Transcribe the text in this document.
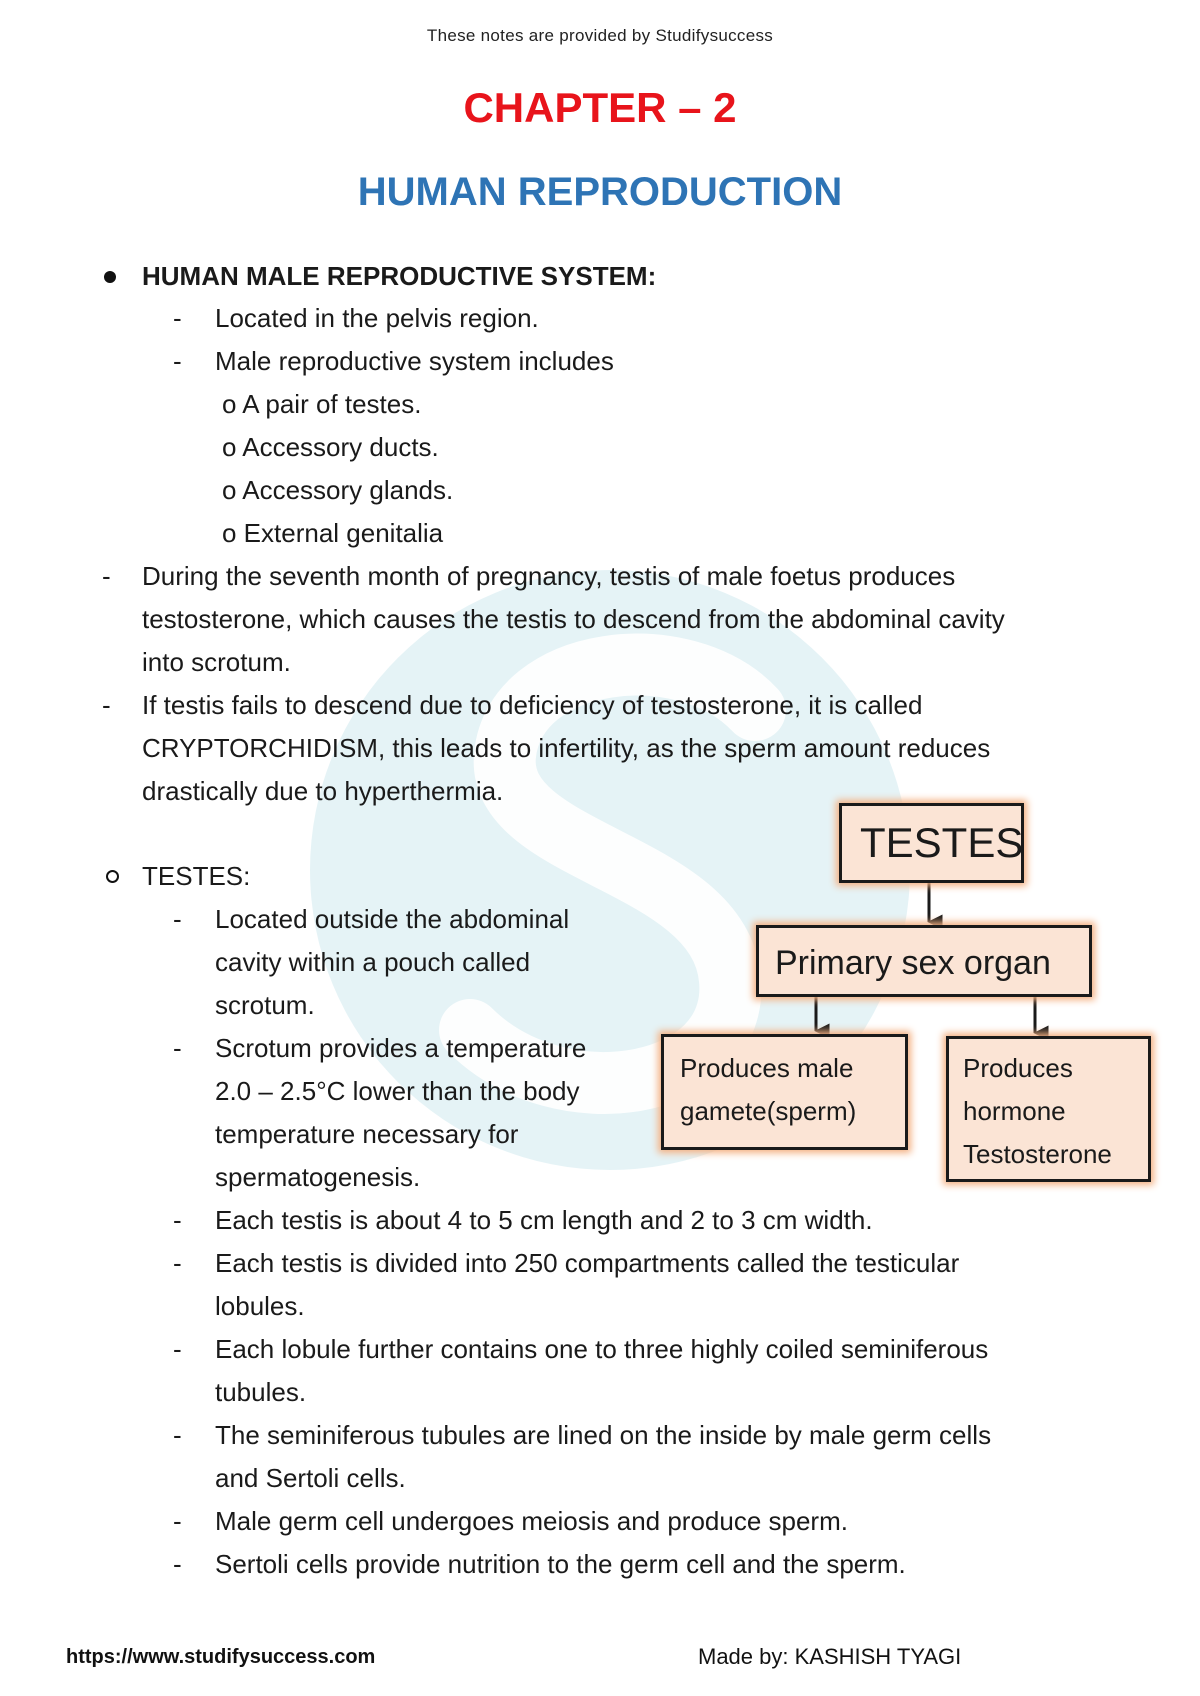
These notes are provided by Studifysuccess
CHAPTER – 2
HUMAN REPRODUCTION
HUMAN MALE REPRODUCTIVE SYSTEM:
- Located in the pelvis region.
- Male reproductive system includes
o A pair of testes.
o Accessory ducts.
o Accessory glands.
o External genitalia
- During the seventh month of pregnancy, testis of male foetus produces
testosterone, which causes the testis to descend from the abdominal cavity
into scrotum.
- If testis fails to descend due to deficiency of testosterone, it is called
CRYPTORCHIDISM, this leads to infertility, as the sperm amount reduces
drastically due to hyperthermia.
TESTES:
- Located outside the abdominal
cavity within a pouch called
scrotum.
- Scrotum provides a temperature
2.0 – 2.5°C lower than the body
temperature necessary for
spermatogenesis.
- Each testis is about 4 to 5 cm length and 2 to 3 cm width.
- Each testis is divided into 250 compartments called the testicular
lobules.
- Each lobule further contains one to three highly coiled seminiferous
tubules.
- The seminiferous tubules are lined on the inside by male germ cells
and Sertoli cells.
- Male germ cell undergoes meiosis and produce sperm.
- Sertoli cells provide nutrition to the germ cell and the sperm.
TESTES
Primary sex organ
Produces male
gamete(sperm)
Produces
hormone
Testosterone
https://www.studifysuccess.com	Made by: KASHISH TYAGI
